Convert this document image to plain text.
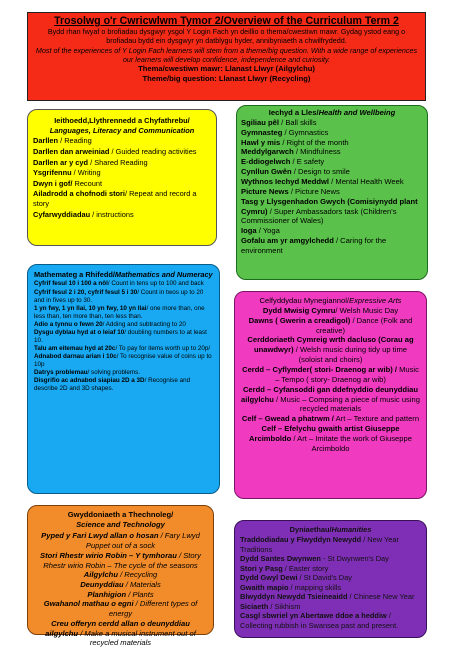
Trosolwg o'r Cwricwlwm Tymor 2/Overview of the Curriculum Term 2
Bydd rhan fwyaf o brofiadau dysgwyr ysgol Y Login Fach yn deillio o thema/cwestiwn mawr. Gydag ystod eang o brofiadau bydd ein dysgwyr yn datblygu hyder, annibyniaeth a chwilfrydedd.
Most of the experiences of Y Login Fach learners will stem from a theme/big question. With a wide range of experiences our learners will develop confidence, independence and curiosity.
Thema/cwestiwn mawr: Llanast Llwyr (Ailgylchu)
Theme/big question: Llanast Llwyr (Recycling)
Ieithoedd,Llythrennedd a Chyfathrebu/
Languages, Literacy and Communication
Darllen / Reading
Darllen dan arweiniad / Guided reading activities
Darllen ar y cyd / Shared Reading
Ysgrifennu / Writing
Dwyn i gof/ Recount
Ailadrodd a chofnodi stori/ Repeat and record a story
Cyfarwyddiadau / instructions
Iechyd a Lles/Health and Wellbeing
Sgiliau pêl / Ball skills
Gymnasteg / Gymnastics
Hawl y mis / Right of the month
Meddylgarwch / Mindfulness
E-ddiogelwch / E safety
Cynllun Gwên / Design to smile
Wythnos Iechyd Meddwl / Mental Health Week
Picture News / Picture News
Tasg y Llysgenhadon Gwych (Comisiynydd plant Cymru) / Super Ambassadors task (Children's Commissioner of Wales)
Ioga / Yoga
Gofalu am yr amgylchedd / Caring for the environment
Mathemateg a Rhifedd/Mathematics and Numeracy
Cyfrif fesul 10 i 100 a nôl/ Count in tens up to 100 and back
Cyfrif fesul 2 i 20, cyfrif fesul 5 i 30/ Count in twos up to 20 and in fives up to 30.
1 yn fwy, 1 yn llai, 10 yn fwy, 10 yn llai/ one more than, one less than, ten more than, ten less than.
Adio a tynnu o fewn 20/ Adding and subtracting to 20
Dysgu dyblau hyd at o leiaf 10/ doubling numbers to at least 10.
Talu am eitemau hyd at 20c/ To pay for items worth up to 20p/
Adnabod darnau arian i 10c/ To recognise value of coins up to 10p
Datrys problemau/ solving problems.
Disgrifio ac adnabod siapiau 2D a 3D/ Recognise and describe 2D and 3D shapes.
Celfyddydau Mynegiannol/Expressive Arts
Dydd Mwisig Cymru/ Welsh Music Day
Dawns ( Gwerin a creadigol) / Dance (Folk and creative)
Cerddoriaeth Cymreig wrth dacluso (Corau ag unawdwyr) / Welsh music during tidy up time (soloist and choirs)
Cerdd – Cyflymder( stori- Draenog ar wib) / Music – Tempo ( story- Draenog ar wib)
Cerdd – Cyfansoddi gan ddefnyddio deunyddiau ailgylchu / Music – Compsing a piece of music using recycled materials
Celf – Gwead a phatrwm / Art – Texture and pattern
Celf – Efelychu gwaith artist Giuseppe Arcimboldo / Art – Imitate the work of Giuseppe Arcimboldo
Gwyddoniaeth a Thechnoleg/
Science and Technology
Pyped y Fari Lwyd allan o hosan / Fary Lwyd Puppet out of a sock
Stori Rhestr wirio Robin – Y tymhorau / Story Rhestr wirio Robin – The cycle of the seasons
Ailgylchu / Recycling
Deunyddiau / Materials
Planhigion / Plants
Gwahanol mathau o egni / Different types of energy
Creu offeryn cerdd allan o deunyddiau ailgylchu / Make a musical instrument out of recycled materials
Dyniaethau/Humanities
Traddodiadau y Flwyddyn Newydd / New Year Traditions
Dydd Santes Dwynwen - St Dwynwen's Day
Stori y Pasg / Easter story
Dydd Gwyl Dewi / St David's Day
Gwaith mapio / mapping skills
Blwyddyn Newydd Tsieineaidd / Chinese New Year
Siciaeth / Sikhism
Casgl sbwriel yn Abertawe ddoe a heddiw / Collecting rubbish in Swansea past and present.
